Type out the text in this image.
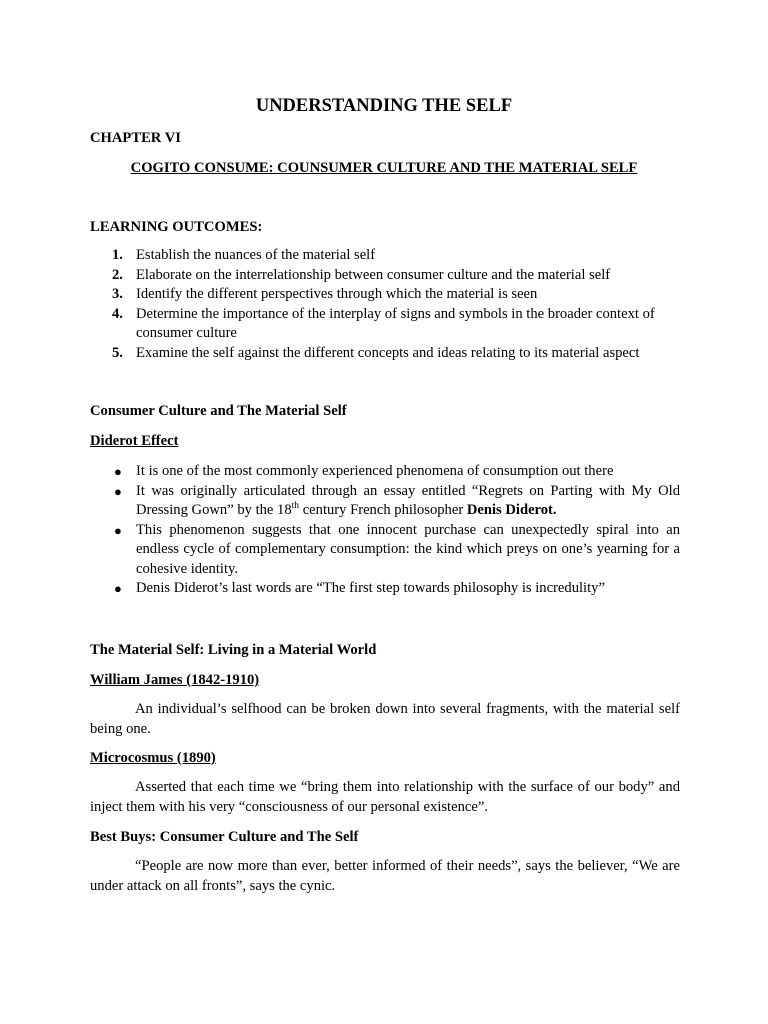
UNDERSTANDING THE SELF
CHAPTER VI
COGITO CONSUME: COUNSUMER CULTURE AND THE MATERIAL SELF
LEARNING OUTCOMES:
1. Establish the nuances of the material self
2. Elaborate on the interrelationship between consumer culture and the material self
3. Identify the different perspectives through which the material is seen
4. Determine the importance of the interplay of signs and symbols in the broader context of consumer culture
5. Examine the self against the different concepts and ideas relating to its material aspect
Consumer Culture and The Material Self
Diderot Effect
● It is one of the most commonly experienced phenomena of consumption out there
● It was originally articulated through an essay entitled “Regrets on Parting with My Old Dressing Gown” by the 18th century French philosopher Denis Diderot.
● This phenomenon suggests that one innocent purchase can unexpectedly spiral into an endless cycle of complementary consumption: the kind which preys on one’s yearning for a cohesive identity.
● Denis Diderot’s last words are “The first step towards philosophy is incredulity”
The Material Self: Living in a Material World
William James (1842-1910)
An individual’s selfhood can be broken down into several fragments, with the material self being one.
Microcosmus (1890)
Asserted that each time we “bring them into relationship with the surface of our body” and inject them with his very “consciousness of our personal existence”.
Best Buys: Consumer Culture and The Self
“People are now more than ever, better informed of their needs”, says the believer, “We are under attack on all fronts”, says the cynic.
